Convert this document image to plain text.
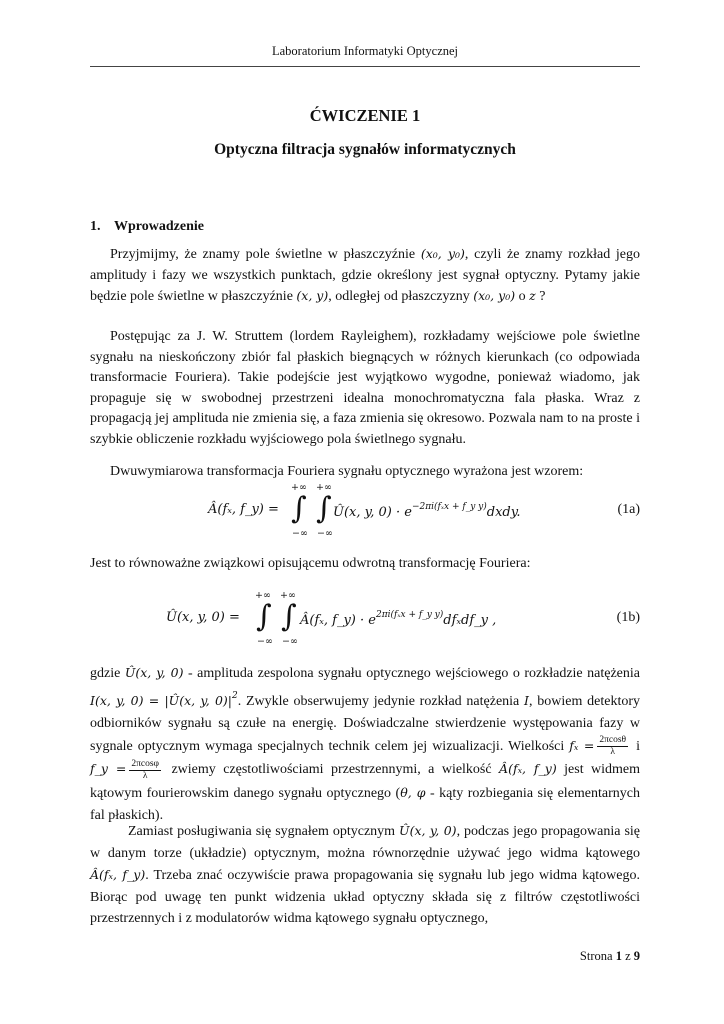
Laboratorium Informatyki Optycznej
ĆWICZENIE 1
Optyczna filtracja sygnałów informatycznych
1. Wprowadzenie
Przyjmijmy, że znamy pole świetlne w płaszczyźnie (x₀, y₀), czyli że znamy rozkład jego amplitudy i fazy we wszystkich punktach, gdzie określony jest sygnał optyczny. Pytamy jakie będzie pole świetlne w płaszczyźnie (x, y), odległej od płaszczyzny (x₀, y₀) o z ?
Postępując za J. W. Struttem (lordem Rayleighem), rozkładamy wejściowe pole świetlne sygnału na nieskończony zbiór fal płaskich biegnących w różnych kierunkach (co odpowiada transformacie Fouriera). Takie podejście jest wyjątkowo wygodne, ponieważ wiadomo, jak propaguje się w swobodnej przestrzeni idealna monochromatyczna fala płaska. Wraz z propagacją jej amplituda nie zmienia się, a faza zmienia się okresowo. Pozwala nam to na proste i szybkie obliczenie rozkładu wyjściowego pola świetlnego sygnału.
Dwuwymiarowa transformacja Fouriera sygnału optycznego wyrażona jest wzorem:
Â(fₓ, f_y) =
+∞ +∞
∫ ∫
−∞ −∞
Û(x, y, $0) \cdot e^{-2\pi i(f_xx + f\_y y)}dxdy$.	(1a)
Jest to równoważne związkowi opisującemu odwrotną transformację Fouriera:
Û(x, y, 0) =
+∞ +∞
∫ ∫
−∞ −∞
Â(fₓ, f_y) · $e^{2\pi i(f_xx + f\_y y)}df_xdf\_y$ ,	(1b)
gdzie Û(x, y, 0) - amplituda zespolona sygnału optycznego wejściowego o rozkładzie natężenia I(x, y, 0) = |Û(x, y, $0)|^2$. Zwykle obserwujemy jedynie rozkład natężenia I, bowiem detektory odbiorników sygnału są czułe na energię. Doświadczalne stwierdzenie występowania fazy w sygnale optycznym wymaga specjalnych technik celem jej wizualizacji. Wielkości $f_x = \frac{2\pi\cos\theta}{\lambda}$ i f_y = $\frac{2\pi\cos\varphi}{\lambda}$ zwiemy częstotliwościami przestrzennymi, a wielkość Â(fₓ, f_y) jest widmem kątowym fourierowskim danego sygnału optycznego (θ, φ - kąty rozbiegania się elementarnych fal płaskich).
Zamiast posługiwania się sygnałem optycznym Û(x, y, 0), podczas jego propagowania się w danym torze (układzie) optycznym, można równorzędnie używać jego widma kątowego Â(fₓ, f_y). Trzeba znać oczywiście prawa propagowania się sygnału lub jego widma kątowego. Biorąc pod uwagę ten punkt widzenia układ optyczny składa się z filtrów częstotliwości przestrzennych i z modulatorów widma kątowego sygnału optycznego,
Strona 1 z 9
